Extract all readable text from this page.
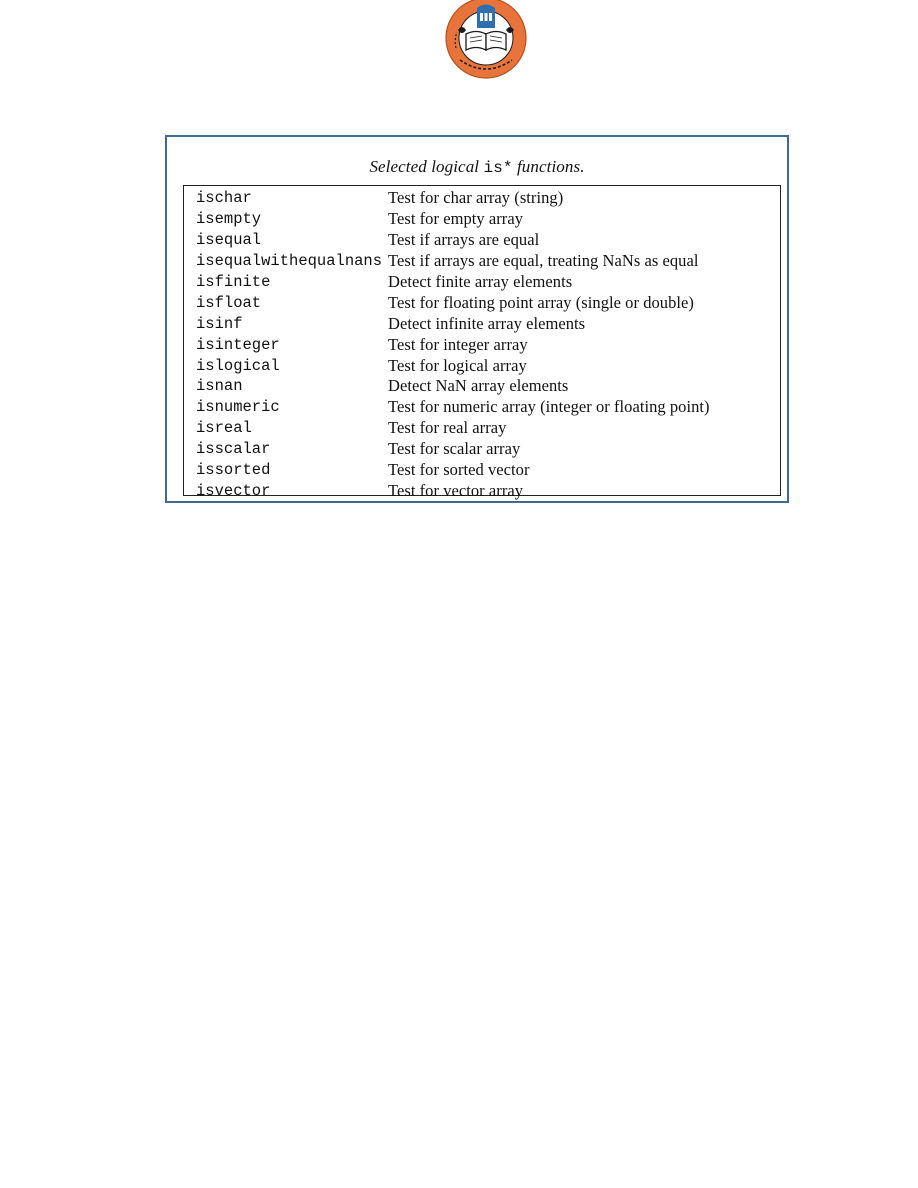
Selected logical is* functions.
ischar	Test for char array (string)
isempty	Test for empty array
isequal	Test if arrays are equal
isequalwithequalnans Test if arrays are equal, treating NaNs as equal
isfinite	Detect finite array elements
isfloat	Test for floating point array (single or double)
isinf	Detect infinite array elements
isinteger	Test for integer array
islogical	Test for logical array
isnan	Detect NaN array elements
isnumeric	Test for numeric array (integer or floating point)
isreal	Test for real array
isscalar	Test for scalar array
issorted	Test for sorted vector
isvector	Test for vector array
